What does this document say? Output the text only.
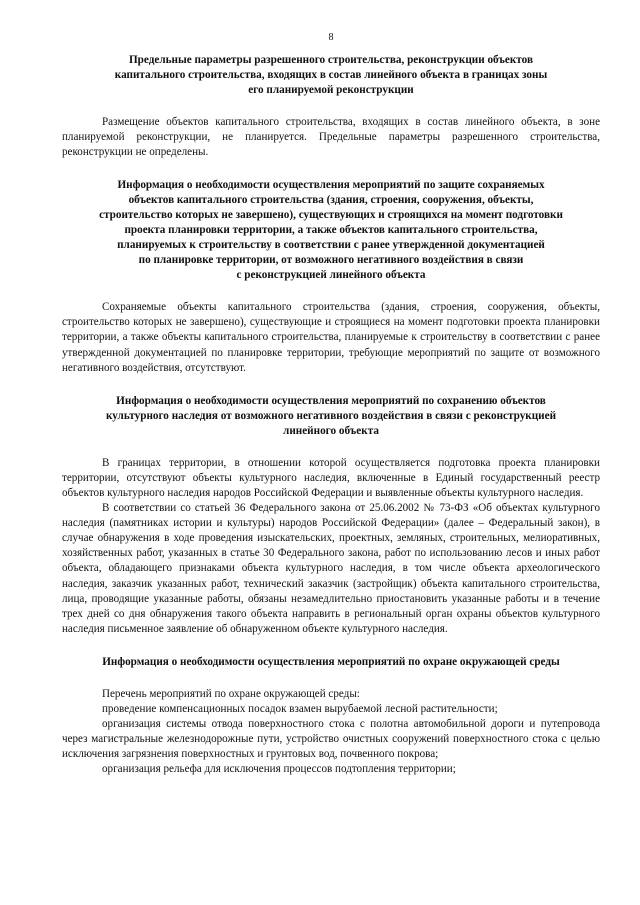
8

Предельные параметры разрешенного строительства, реконструкции объектов
капитального строительства, входящих в состав линейного объекта в границах зоны
его планируемой реконструкции

Размещение объектов капитального строительства, входящих в состав линейного объекта, в зоне планируемой реконструкции, не планируется. Предельные параметры разрешенного строительства, реконструкции не определены.

Информация о необходимости осуществления мероприятий по защите сохраняемых
объектов капитального строительства (здания, строения, сооружения, объекты,
строительство которых не завершено), существующих и строящихся на момент подготовки
проекта планировки территории, а также объектов капитального строительства,
планируемых к строительству в соответствии с ранее утвержденной документацией
по планировке территории, от возможного негативного воздействия в связи
с реконструкцией линейного объекта

Сохраняемые объекты капитального строительства (здания, строения, сооружения, объекты, строительство которых не завершено), существующие и строящиеся на момент подготовки проекта планировки территории, а также объекты капитального строительства, планируемые к строительству в соответствии с ранее утвержденной документацией по планировке территории, требующие мероприятий по защите от возможного негативного воздействия, отсутствуют.

Информация о необходимости осуществления мероприятий по сохранению объектов
культурного наследия от возможного негативного воздействия в связи с реконструкцией
линейного объекта

В границах территории, в отношении которой осуществляется подготовка проекта планировки территории, отсутствуют объекты культурного наследия, включенные в Единый государственный реестр объектов культурного наследия народов Российской Федерации и выявленные объекты культурного наследия.

В соответствии со статьей 36 Федерального закона от 25.06.2002 № 73-ФЗ «Об объектах культурного наследия (памятниках истории и культуры) народов Российской Федерации» (далее – Федеральный закон), в случае обнаружения в ходе проведения изыскательских, проектных, земляных, строительных, мелиоративных, хозяйственных работ, указанных в статье 30 Федерального закона, работ по использованию лесов и иных работ объекта, обладающего признаками объекта культурного наследия, в том числе объекта археологического наследия, заказчик указанных работ, технический заказчик (застройщик) объекта капитального строительства, лица, проводящие указанные работы, обязаны незамедлительно приостановить указанные работы и в течение трех дней со дня обнаружения такого объекта направить в региональный орган охраны объектов культурного наследия письменное заявление об обнаруженном объекте культурного наследия.

Информация о необходимости осуществления мероприятий по охране окружающей среды

Перечень мероприятий по охране окружающей среды:

проведение компенсационных посадок взамен вырубаемой лесной растительности;

организация системы отвода поверхностного стока с полотна автомобильной дороги и путепровода через магистральные железнодорожные пути, устройство очистных сооружений поверхностного стока с целью исключения загрязнения поверхностных и грунтовых вод, почвенного покрова;

организация рельефа для исключения процессов подтопления территории;
